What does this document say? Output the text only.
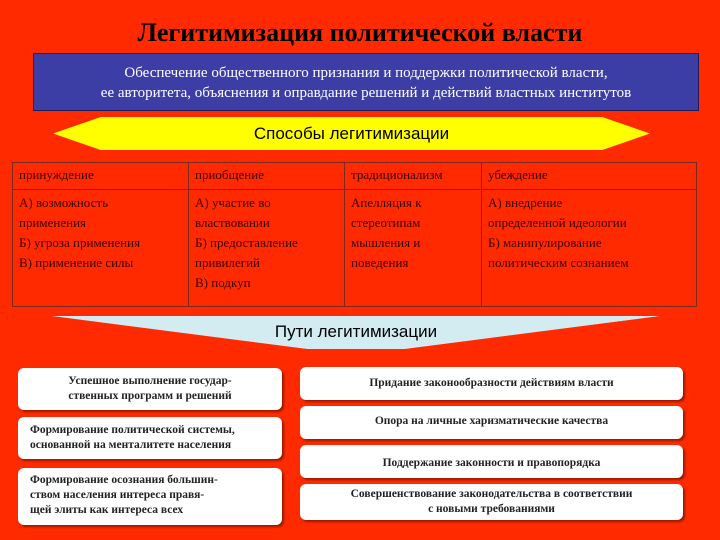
Легитимизация политической власти
Обеспечение общественного признания и поддержки политической власти,
ее авторитета, объяснения и оправдание решений и действий властных институтов
Способы легитимизации
принуждение	приобщение	традиционализм	убеждение

А) возможность
применения
Б) угроза применения
В) применение силы	А) участие во
властвовании
Б) предоставление
привилегий
В) подкуп	Апелляция к
стереотипам
мышления и
поведения	А) внедрение
определенной идеологии
Б) манипулирование
политическим сознанием
Пути легитимизации
Успешное выполнение государ-
ственных программ и решений
Формирование политической системы,
основанной на менталитете населения
Формирование осознания большин-
ством населения интереса правя-
щей элиты как интереса всех
Придание законообразности действиям власти
Опора на личные харизматические качества
Поддержание законности и правопорядка
Совершенствование законодательства в соответствии
с новыми требованиями
